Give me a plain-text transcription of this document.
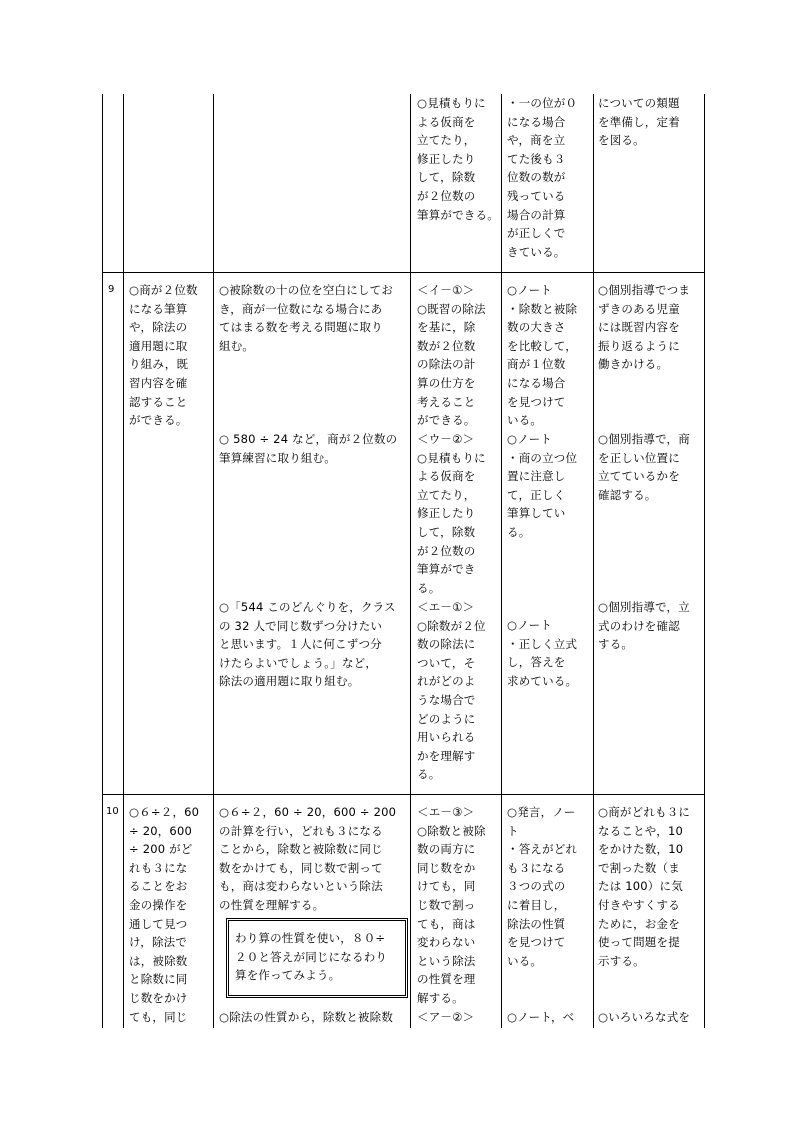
○見積もりに
よる仮商を
立てたり，
修正したり
して，除数
が２位数の
筆算ができる。
・一の位が０
になる場合
や，商を立
てた後も３
位数の数が
残っている
場合の計算
が正しくで
きている。
についての類題
を準備し，定着
を図る。
9 ○商が２位数
になる筆算
や，除法の
適用題に取
り組み，既
習内容を確
認すること
ができる。
○被除数の十の位を空白にしてお
き，商が一位数になる場合にあ
てはまる数を考える問題に取り
組む。
○ 580 ÷ 24 など，商が２位数の
筆算練習に取り組む。
○「544 このどんぐりを，クラス
の 32 人で同じ数ずつ分けたい
と思います。１人に何こずつ分
けたらよいでしょう。」など，
除法の適用題に取り組む。
＜イ－①＞
○既習の除法
を基に，除
数が２位数
の除法の計
算の仕方を
考えること
ができる。
＜ウ－②＞
○見積もりに
よる仮商を
立てたり，
修正したり
して，除数
が２位数の
筆算ができ
る。
＜エ－①＞
○除数が２位
数の除法に
ついて，そ
れがどのよ
うな場合で
どのように
用いられる
かを理解す
る。
○ノート
・除数と被除
数の大きさ
を比較して，
商が１位数
になる場合
を見つけて
いる。
○ノート
・商の立つ位
置に注意し
て，正しく
筆算してい
る。
○ノート
・正しく立式
し，答えを
求めている。
○個別指導でつま
ずきのある児童
には既習内容を
振り返るように
働きかける。
○個別指導で，商
を正しい位置に
立てているかを
確認する。
○個別指導で，立
式のわけを確認
する。
10 ○６÷２，60
÷ 20，600
÷ 200 がど
れも３にな
ることをお
金の操作を
通して見つ
け，除法で
は，被除数
と除数に同
じ数をかけ
ても，同じ
○６÷２，60 ÷ 20，600 ÷ 200
の計算を行い，どれも３になる
ことから，除数と被除数に同じ
数をかけても，同じ数で割って
も，商は変わらないという除法
の性質を理解する。
わり算の性質を使い，８０÷
２０と答えが同じになるわり
算を作ってみよう。
○除法の性質から，除数と被除数
＜エ－③＞
○除数と被除
数の両方に
同じ数をか
けても，同
じ数で割っ
ても，商は
変わらない
という除法
の性質を理
解する。
＜ア－②＞
○発言，ノー
ト
・答えがどれ
も３になる
３つの式の
に着目し，
除法の性質
を見つけて
いる。
○ノート，ベ
○商がどれも３に
なることや，10
をかけた数，10
で割った数（ま
たは 100）に気
付きやすくする
ために，お金を
使って問題を提
示する。
○いろいろな式を
